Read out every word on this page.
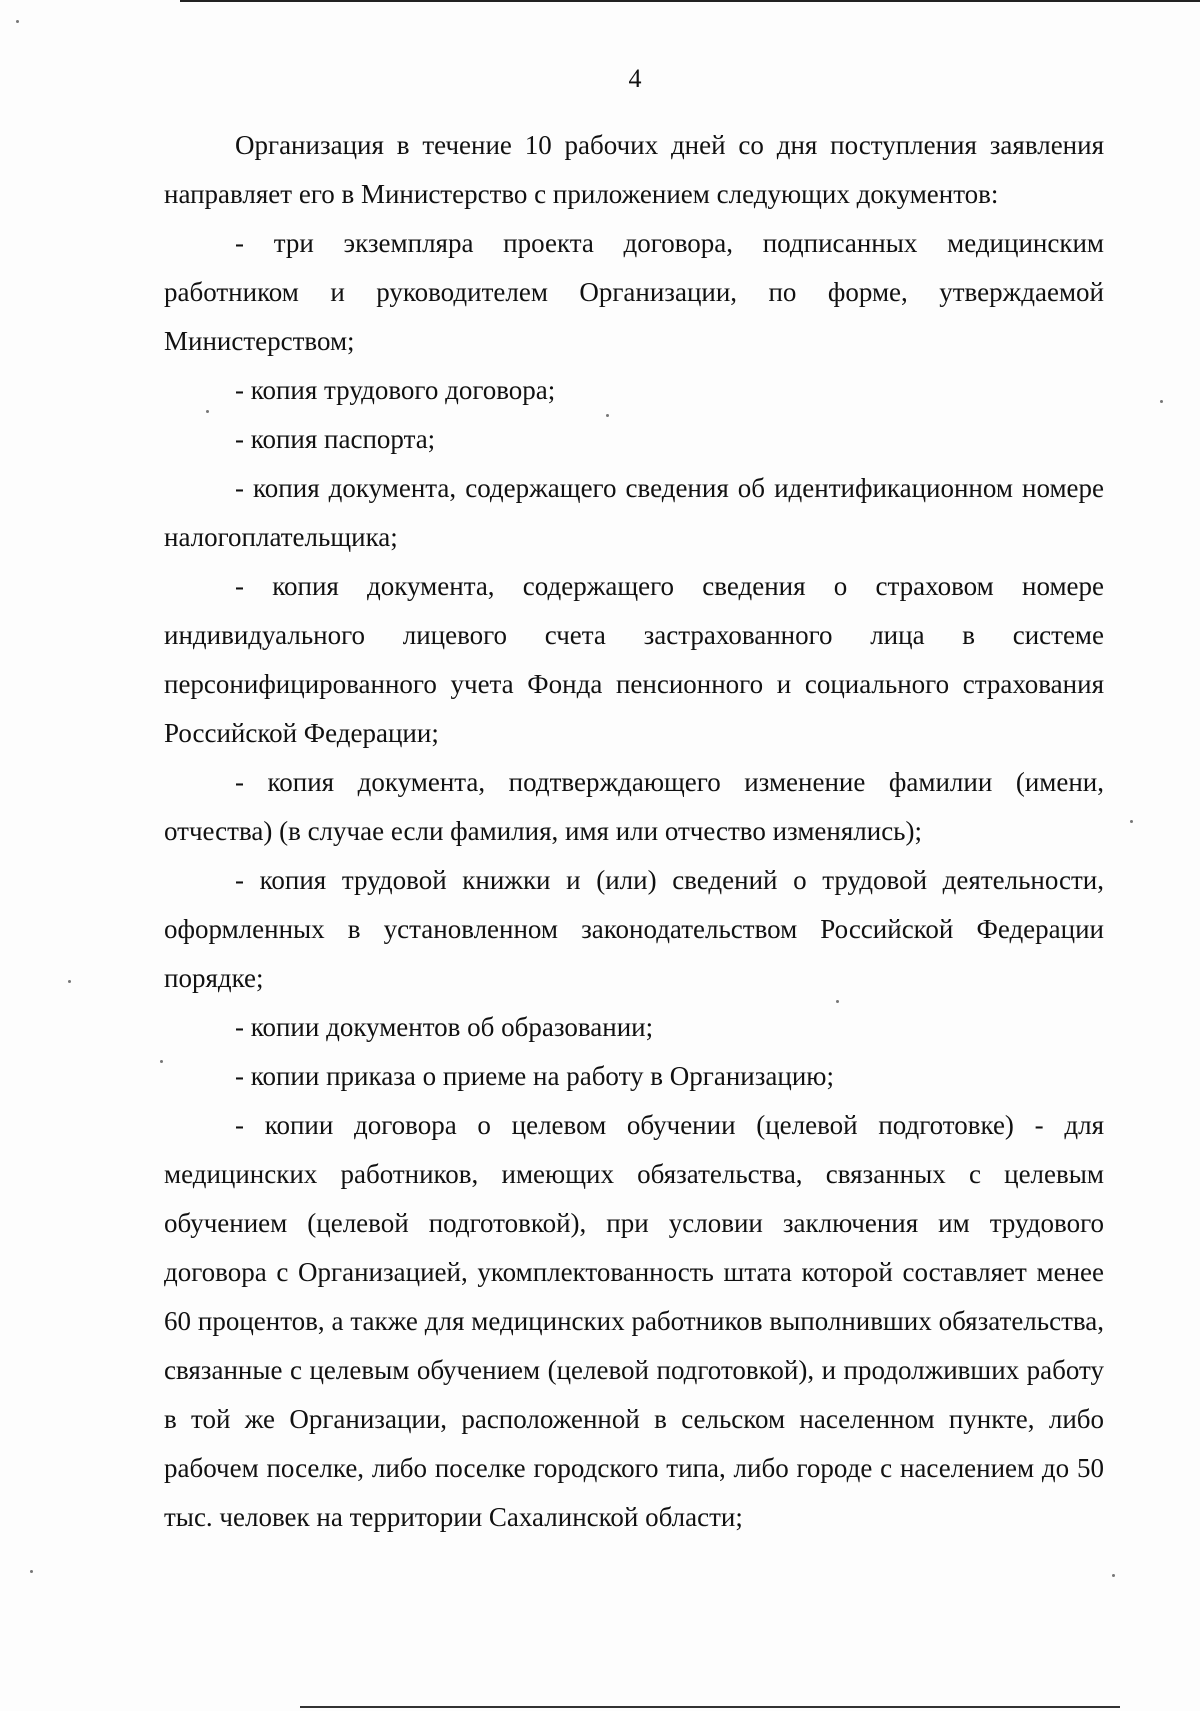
4

Организация в течение 10 рабочих дней со дня поступления заявления направляет его в Министерство с приложением следующих документов:

- три экземпляра проекта договора, подписанных медицинским работником и руководителем Организации, по форме, утверждаемой Министерством;

- копия трудового договора;

- копия паспорта;

- копия документа, содержащего сведения об идентификационном номере налогоплательщика;

- копия документа, содержащего сведения о страховом номере индивидуального лицевого счета застрахованного лица в системе персонифицированного учета Фонда пенсионного и социального страхования Российской Федерации;

- копия документа, подтверждающего изменение фамилии (имени, отчества) (в случае если фамилия, имя или отчество изменялись);

- копия трудовой книжки и (или) сведений о трудовой деятельности, оформленных в установленном законодательством Российской Федерации порядке;

- копии документов об образовании;

- копии приказа о приеме на работу в Организацию;

- копии договора о целевом обучении (целевой подготовке) - для медицинских работников, имеющих обязательства, связанных с целевым обучением (целевой подготовкой), при условии заключения им трудового договора с Организацией, укомплектованность штата которой составляет менее 60 процентов, а также для медицинских работников выполнивших обязательства, связанные с целевым обучением (целевой подготовкой), и продолживших работу в той же Организации, расположенной в сельском населенном пункте, либо рабочем поселке, либо поселке городского типа, либо городе с населением до 50 тыс. человек на территории Сахалинской области;
